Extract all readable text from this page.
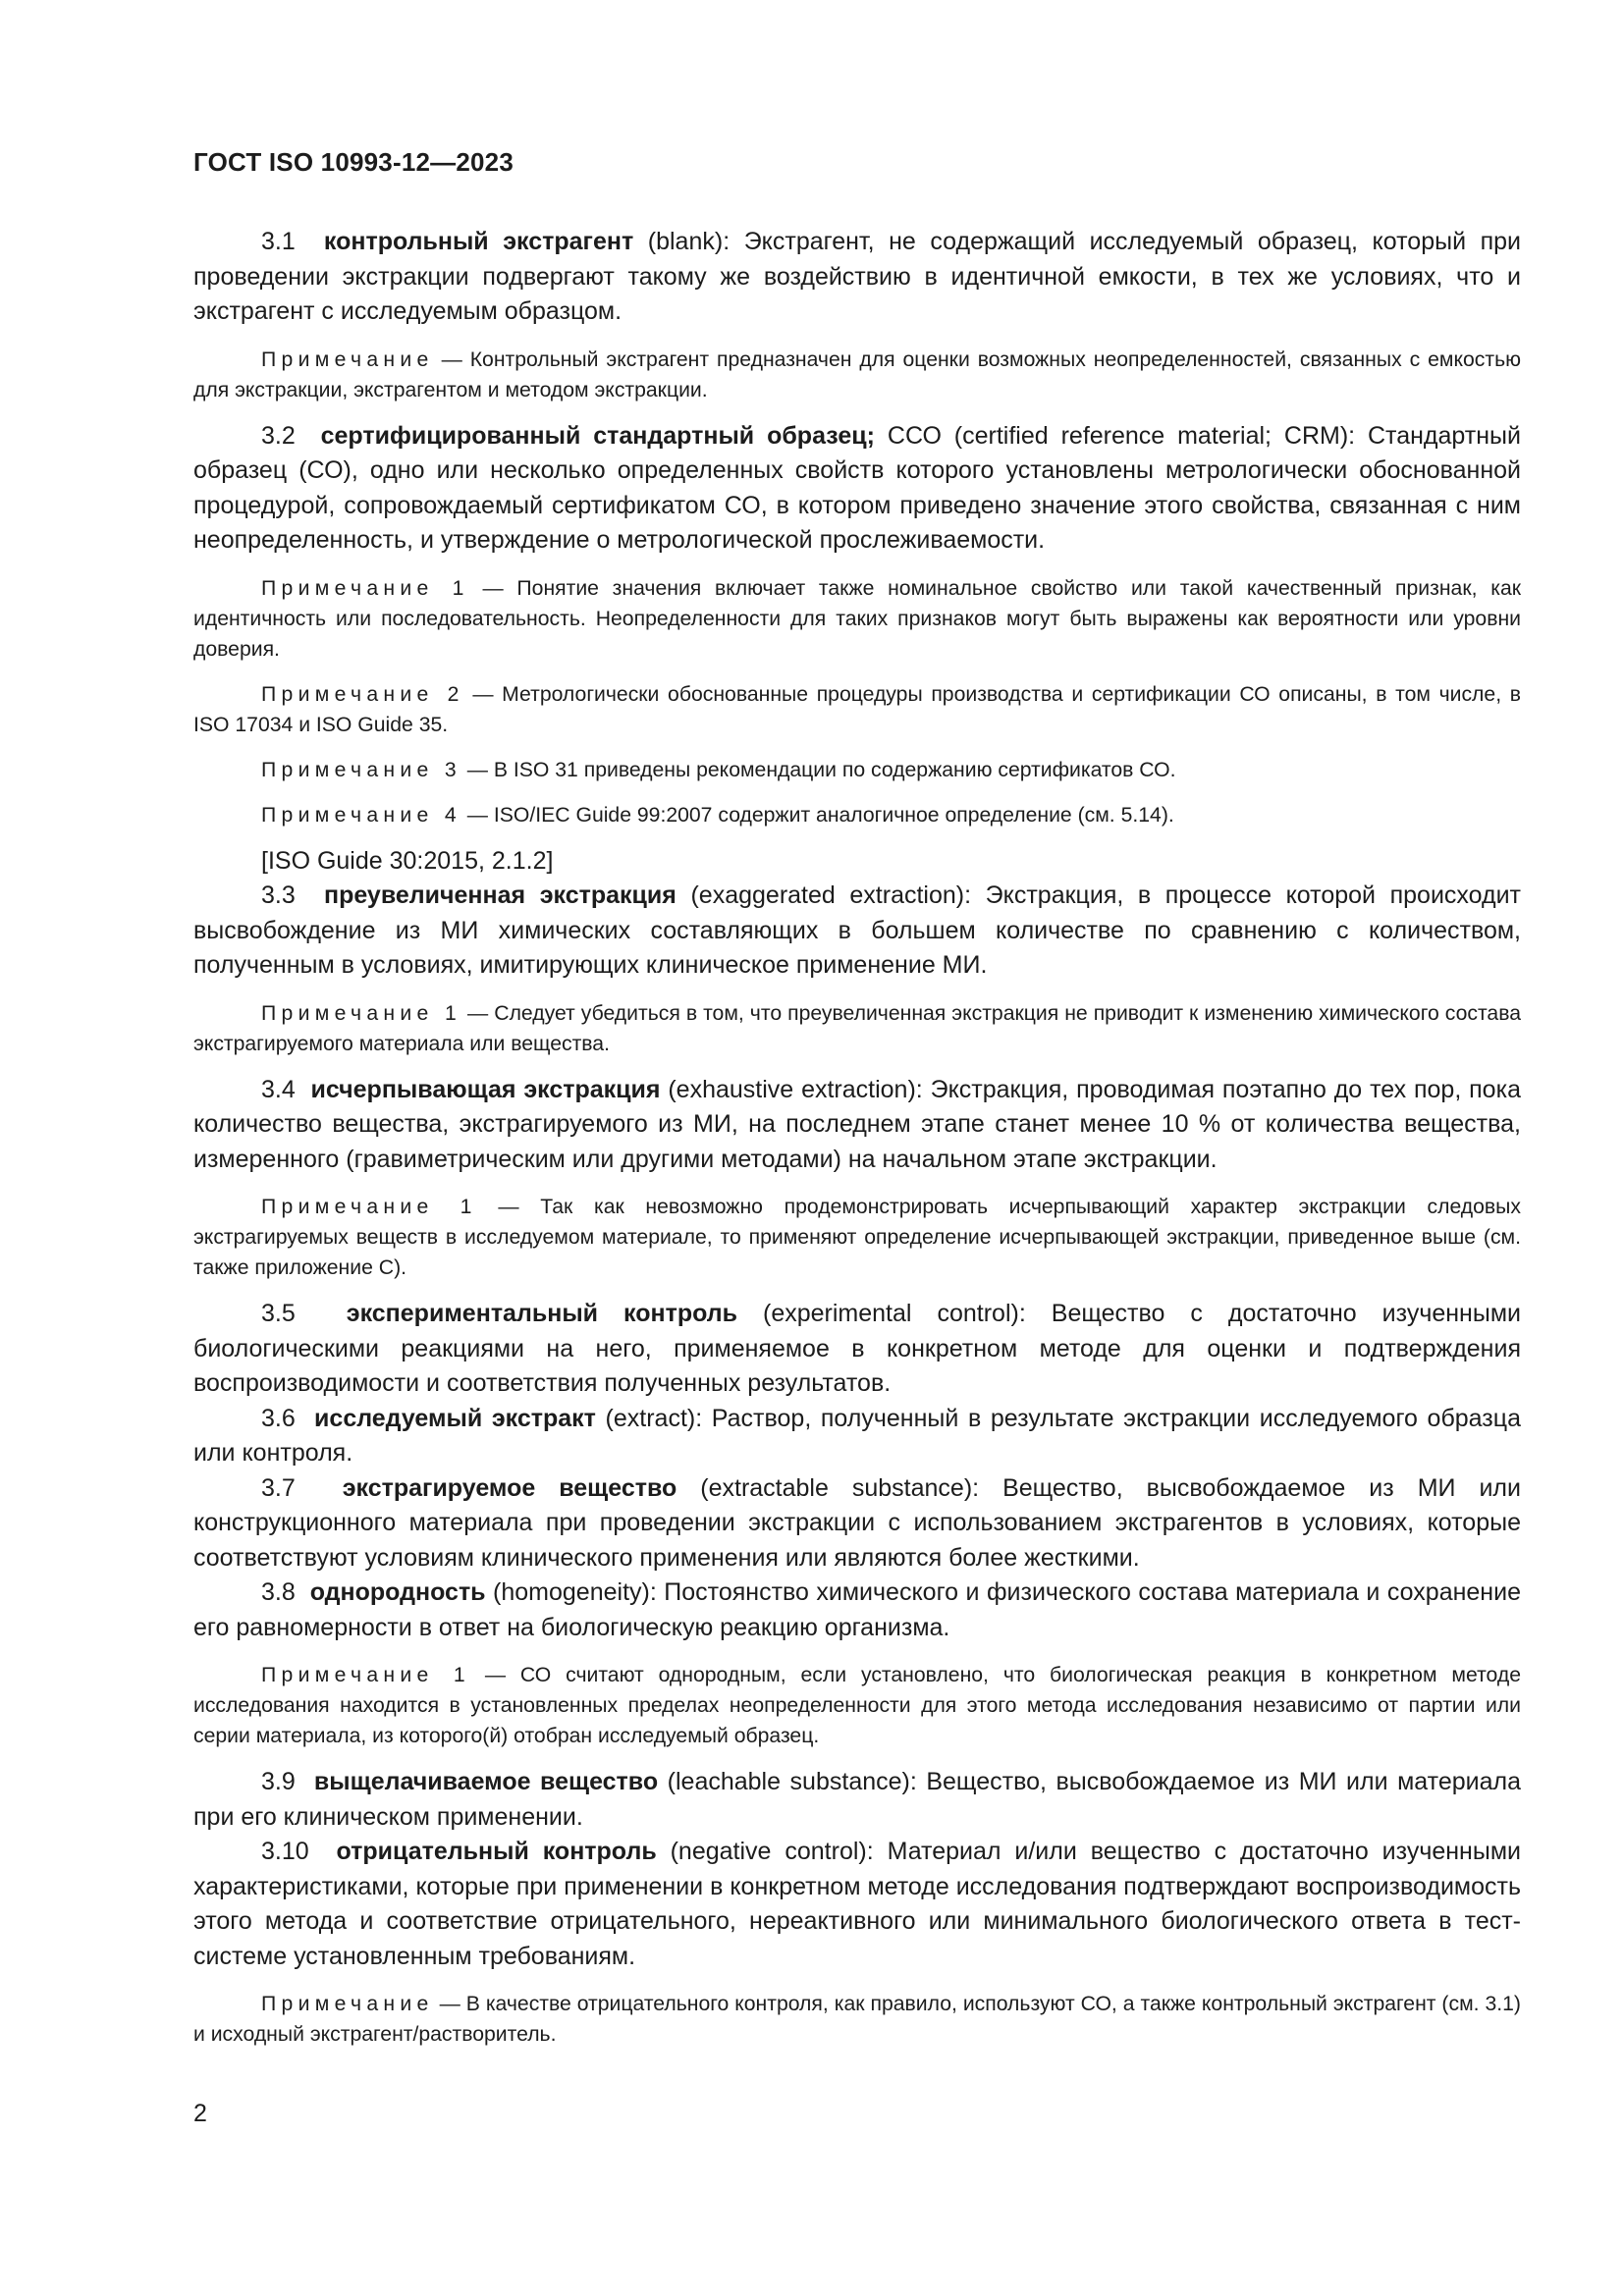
ГОСТ ISO 10993-12—2023

3.1 контрольный экстрагент (blank): Экстрагент, не содержащий исследуемый образец, который при проведении экстракции подвергают такому же воздействию в идентичной емкости, в тех же условиях, что и экстрагент с исследуемым образцом.

Примечание — Контрольный экстрагент предназначен для оценки возможных неопределенностей, связанных с емкостью для экстракции, экстрагентом и методом экстракции.

3.2 сертифицированный стандартный образец; ССО (certified reference material; CRM): Стандартный образец (СО), одно или несколько определенных свойств которого установлены метрологически обоснованной процедурой, сопровождаемый сертификатом СО, в котором приведено значение этого свойства, связанная с ним неопределенность, и утверждение о метрологической прослеживаемости.

Примечание 1 — Понятие значения включает также номинальное свойство или такой качественный признак, как идентичность или последовательность. Неопределенности для таких признаков могут быть выражены как вероятности или уровни доверия.

Примечание 2 — Метрологически обоснованные процедуры производства и сертификации СО описаны, в том числе, в ISO 17034 и ISO Guide 35.

Примечание 3 — В ISO 31 приведены рекомендации по содержанию сертификатов СО.

Примечание 4 — ISO/IEC Guide 99:2007 содержит аналогичное определение (см. 5.14).

[ISO Guide 30:2015, 2.1.2]

3.3 преувеличенная экстракция (exaggerated extraction): Экстракция, в процессе которой происходит высвобождение из МИ химических составляющих в большем количестве по сравнению с количеством, полученным в условиях, имитирующих клиническое применение МИ.

Примечание 1 — Следует убедиться в том, что преувеличенная экстракция не приводит к изменению химического состава экстрагируемого материала или вещества.

3.4 исчерпывающая экстракция (exhaustive extraction): Экстракция, проводимая поэтапно до тех пор, пока количество вещества, экстрагируемого из МИ, на последнем этапе станет менее 10 % от количества вещества, измеренного (гравиметрическим или другими методами) на начальном этапе экстракции.

Примечание 1 — Так как невозможно продемонстрировать исчерпывающий характер экстракции следовых экстрагируемых веществ в исследуемом материале, то применяют определение исчерпывающей экстракции, приведенное выше (см. также приложение С).

3.5 экспериментальный контроль (experimental control): Вещество с достаточно изученными биологическими реакциями на него, применяемое в конкретном методе для оценки и подтверждения воспроизводимости и соответствия полученных результатов.

3.6 исследуемый экстракт (extract): Раствор, полученный в результате экстракции исследуемого образца или контроля.

3.7 экстрагируемое вещество (extractable substance): Вещество, высвобождаемое из МИ или конструкционного материала при проведении экстракции с использованием экстрагентов в условиях, которые соответствуют условиям клинического применения или являются более жесткими.

3.8 однородность (homogeneity): Постоянство химического и физического состава материала и сохранение его равномерности в ответ на биологическую реакцию организма.

Примечание 1 — СО считают однородным, если установлено, что биологическая реакция в конкретном методе исследования находится в установленных пределах неопределенности для этого метода исследования независимо от партии или серии материала, из которого(й) отобран исследуемый образец.

3.9 выщелачиваемое вещество (leachable substance): Вещество, высвобождаемое из МИ или материала при его клиническом применении.

3.10 отрицательный контроль (negative control): Материал и/или вещество с достаточно изученными характеристиками, которые при применении в конкретном методе исследования подтверждают воспроизводимость этого метода и соответствие отрицательного, нереактивного или минимального биологического ответа в тест-системе установленным требованиям.

Примечание — В качестве отрицательного контроля, как правило, используют СО, а также контрольный экстрагент (см. 3.1) и исходный экстрагент/растворитель.

2
